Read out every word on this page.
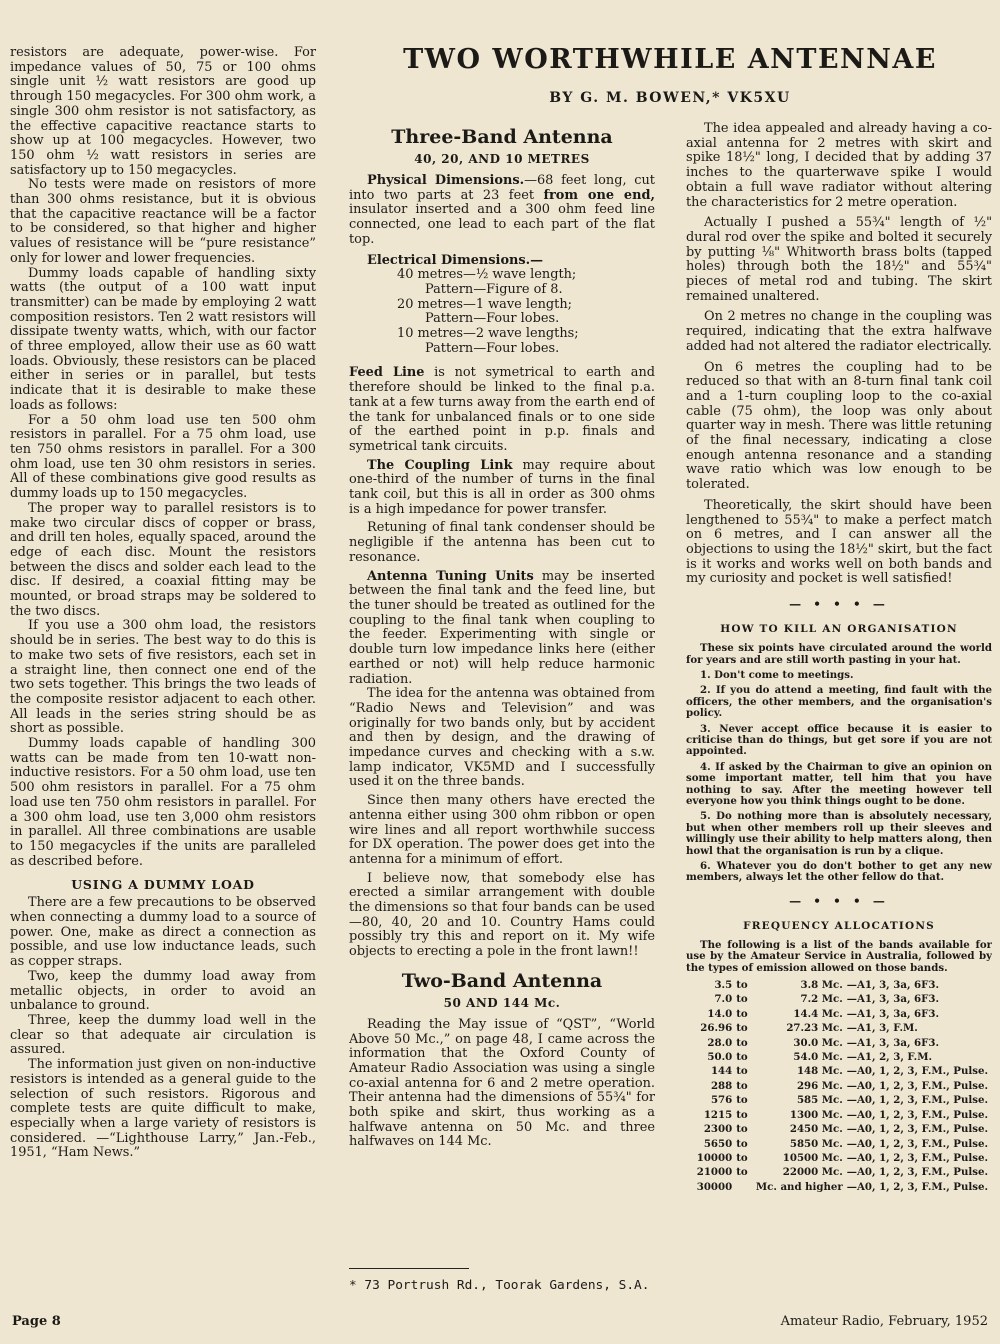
TWO WORTHWHILE ANTENNAE
BY G. M. BOWEN,* VK5XU

resistors are adequate, power-wise. For impedance values of 50, 75 or 100 ohms single unit ½ watt resistors are good up through 150 megacycles. For 300 ohm work, a single 300 ohm resistor is not satisfactory, as the effective capacitive reactance starts to show up at 100 megacycles. However, two 150 ohm ½ watt resistors in series are satisfactory up to 150 megacycles.

No tests were made on resistors of more than 300 ohms resistance, but it is obvious that the capacitive reactance will be a factor to be considered, so that higher and higher values of resistance will be “pure resistance” only for lower and lower frequencies.

Dummy loads capable of handling sixty watts (the output of a 100 watt input transmitter) can be made by employing 2 watt composition resistors. Ten 2 watt resistors will dissipate twenty watts, which, with our factor of three employed, allow their use as 60 watt loads. Obviously, these resistors can be placed either in series or in parallel, but tests indicate that it is desirable to make these loads as follows:

For a 50 ohm load use ten 500 ohm resistors in parallel. For a 75 ohm load, use ten 750 ohms resistors in parallel. For a 300 ohm load, use ten 30 ohm resistors in series. All of these combinations give good results as dummy loads up to 150 megacycles.

The proper way to parallel resistors is to make two circular discs of copper or brass, and drill ten holes, equally spaced, around the edge of each disc. Mount the resistors between the discs and solder each lead to the disc. If desired, a coaxial fitting may be mounted, or broad straps may be soldered to the two discs.

If you use a 300 ohm load, the resistors should be in series. The best way to do this is to make two sets of five resistors, each set in a straight line, then connect one end of the two sets together. This brings the two leads of the composite resistor adjacent to each other. All leads in the series string should be as short as possible.

Dummy loads capable of handling 300 watts can be made from ten 10-watt non-inductive resistors. For a 50 ohm load, use ten 500 ohm resistors in parallel. For a 75 ohm load use ten 750 ohm resistors in parallel. For a 300 ohm load, use ten 3,000 ohm resistors in parallel. All three combinations are usable to 150 megacycles if the units are paralleled as described before.

USING A DUMMY LOAD

There are a few precautions to be observed when connecting a dummy load to a source of power. One, make as direct a connection as possible, and use low inductance leads, such as copper straps.

Two, keep the dummy load away from metallic objects, in order to avoid an unbalance to ground.

Three, keep the dummy load well in the clear so that adequate air circulation is assured.

The information just given on non-inductive resistors is intended as a general guide to the selection of such resistors. Rigorous and complete tests are quite difficult to make, especially when a large variety of resistors is considered. —“Lighthouse Larry,” Jan.-Feb., 1951, “Ham News.”

Three-Band Antenna
40, 20, AND 10 METRES

Physical Dimensions.—68 feet long, cut into two parts at 23 feet from one end, insulator inserted and a 300 ohm feed line connected, one lead to each part of the flat top.

Electrical Dimensions.—

40 metres—½ wave length;
Pattern—Figure of 8.
20 metres—1 wave length;
Pattern—Four lobes.
10 metres—2 wave lengths;
Pattern—Four lobes.

Feed Line is not symetrical to earth and therefore should be linked to the final p.a. tank at a few turns away from the earth end of the tank for unbalanced finals or to one side of the earthed point in p.p. finals and symetrical tank circuits.

The Coupling Link may require about one-third of the number of turns in the final tank coil, but this is all in order as 300 ohms is a high impedance for power transfer.

Retuning of final tank condenser should be negligible if the antenna has been cut to resonance.

Antenna Tuning Units may be inserted between the final tank and the feed line, but the tuner should be treated as outlined for the coupling to the final tank when coupling to the feeder. Experimenting with single or double turn low impedance links here (either earthed or not) will help reduce harmonic radiation.

The idea for the antenna was obtained from “Radio News and Television” and was originally for two bands only, but by accident and then by design, and the drawing of impedance curves and checking with a s.w. lamp indicator, VK5MD and I successfully used it on the three bands.

Since then many others have erected the antenna either using 300 ohm ribbon or open wire lines and all report worthwhile success for DX operation. The power does get into the antenna for a minimum of effort.

I believe now, that somebody else has erected a similar arrangement with double the dimensions so that four bands can be used—80, 40, 20 and 10. Country Hams could possibly try this and report on it. My wife objects to erecting a pole in the front lawn!!

Two-Band Antenna
50 AND 144 Mc.

Reading the May issue of “QST”, “World Above 50 Mc.,” on page 48, I came across the information that the Oxford County of Amateur Radio Association was using a single co-axial antenna for 6 and 2 metre operation. Their antenna had the dimensions of 55¾" for both spike and skirt, thus working as a halfwave antenna on 50 Mc. and three halfwaves on 144 Mc.

The idea appealed and already having a co-axial antenna for 2 metres with skirt and spike 18½" long, I decided that by adding 37 inches to the quarterwave spike I would obtain a full wave radiator without altering the characteristics for 2 metre operation.

Actually I pushed a 55¾" length of ½" dural rod over the spike and bolted it securely by putting ⅛" Whitworth brass bolts (tapped holes) through both the 18½" and 55¾" pieces of metal rod and tubing. The skirt remained unaltered.

On 2 metres no change in the coupling was required, indicating that the extra halfwave added had not altered the radiator electrically.

On 6 metres the coupling had to be reduced so that with an 8-turn final tank coil and a 1-turn coupling loop to the co-axial cable (75 ohm), the loop was only about quarter way in mesh. There was little retuning of the final necessary, indicating a close enough antenna resonance and a standing wave ratio which was low enough to be tolerated.

Theoretically, the skirt should have been lengthened to 55¾" to make a perfect match on 6 metres, and I can answer all the objections to using the 18½" skirt, but the fact is it works and works well on both bands and my curiosity and pocket is well satisfied!

— • • • —
HOW TO KILL AN ORGANISATION

These six points have circulated around the world for years and are still worth pasting in your hat.

1. Don't come to meetings.

2. If you do attend a meeting, find fault with the officers, the other members, and the organisation's policy.

3. Never accept office because it is easier to criticise than do things, but get sore if you are not appointed.

4. If asked by the Chairman to give an opinion on some important matter, tell him that you have nothing to say. After the meeting however tell everyone how you think things ought to be done.

5. Do nothing more than is absolutely necessary, but when other members roll up their sleeves and willingly use their ability to help matters along, then howl that the organisation is run by a clique.

6. Whatever you do don't bother to get any new members, always let the other fellow do that.

— • • • —
FREQUENCY ALLOCATIONS

The following is a list of the bands available for use by the Amateur Service in Australia, followed by the types of emission allowed on those bands.

3.5	to	3.8 Mc.	—A1, 3, 3a, 6F3.
7.0	to	7.2 Mc.	—A1, 3, 3a, 6F3.
14.0	to	14.4 Mc.	—A1, 3, 3a, 6F3.
26.96	to	27.23 Mc.	—A1, 3, F.M.
28.0	to	30.0 Mc.	—A1, 3, 3a, 6F3.
50.0	to	54.0 Mc.	—A1, 2, 3, F.M.
144	to	148 Mc.	—A0, 1, 2, 3, F.M., Pulse.
288	to	296 Mc.	—A0, 1, 2, 3, F.M., Pulse.
576	to	585 Mc.	—A0, 1, 2, 3, F.M., Pulse.
1215	to	1300 Mc.	—A0, 1, 2, 3, F.M., Pulse.
2300	to	2450 Mc.	—A0, 1, 2, 3, F.M., Pulse.
5650	to	5850 Mc.	—A0, 1, 2, 3, F.M., Pulse.
10000	to	10500 Mc.	—A0, 1, 2, 3, F.M., Pulse.
21000	to	22000 Mc.	—A0, 1, 2, 3, F.M., Pulse.
30000		Mc. and higher	—A0, 1, 2, 3, F.M., Pulse.
* 73 Portrush Rd., Toorak Gardens, S.A.
Page 8	Amateur Radio, February, 1952
